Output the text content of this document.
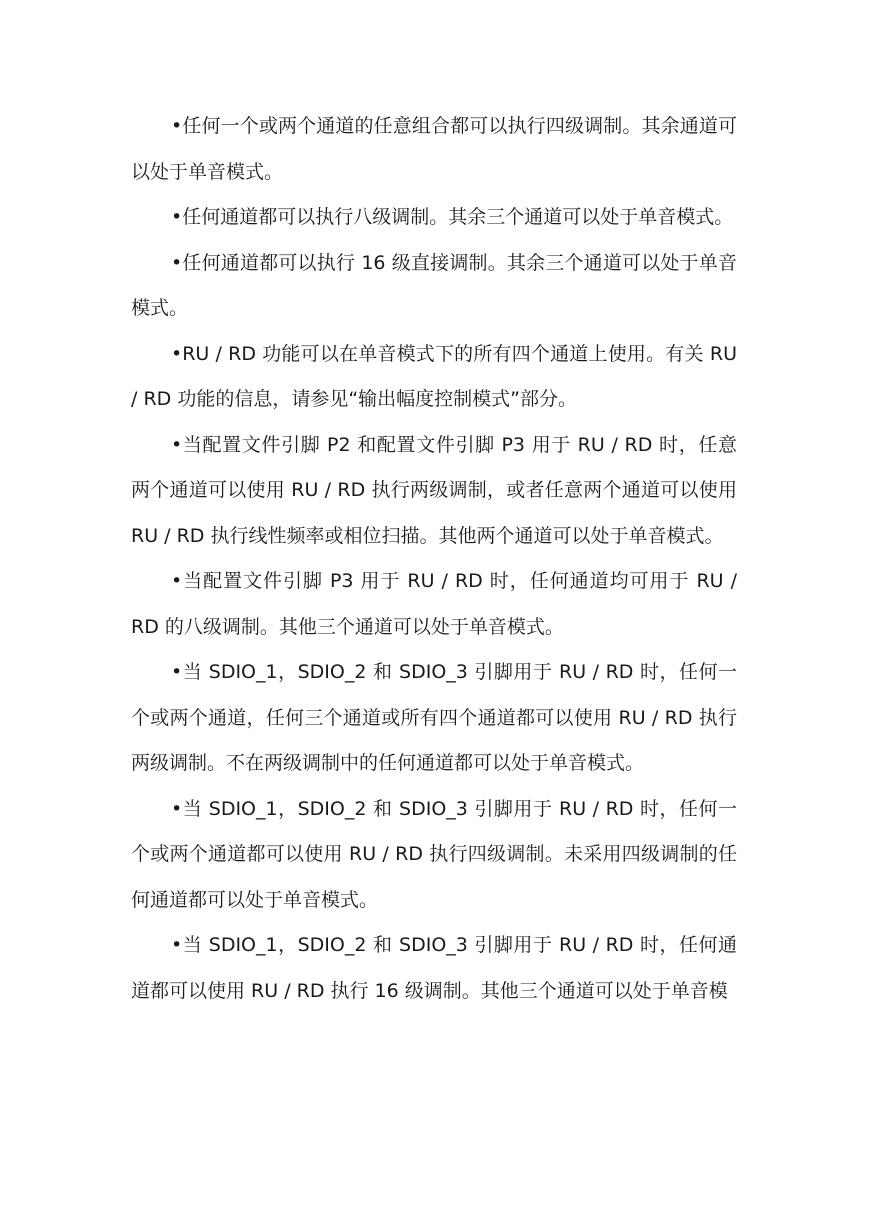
•任何一个或两个通道的任意组合都可以执行四级调制。其余通道可以处于单音模式。

•任何通道都可以执行八级调制。其余三个通道可以处于单音模式。

•任何通道都可以执行 16 级直接调制。其余三个通道可以处于单音模式。

•RU / RD 功能可以在单音模式下的所有四个通道上使用。有关 RU / RD 功能的信息，请参见“输出幅度控制模式”部分。

•当配置文件引脚 P2 和配置文件引脚 P3 用于 RU / RD 时，任意两个通道可以使用 RU / RD 执行两级调制，或者任意两个通道可以使用 RU / RD 执行线性频率或相位扫描。其他两个通道可以处于单音模式。

•当配置文件引脚 P3 用于 RU / RD 时，任何通道均可用于 RU / RD 的八级调制。其他三个通道可以处于单音模式。

•当 SDIO_1，SDIO_2 和 SDIO_3 引脚用于 RU / RD 时，任何一个或两个通道，任何三个通道或所有四个通道都可以使用 RU / RD 执行两级调制。不在两级调制中的任何通道都可以处于单音模式。

•当 SDIO_1，SDIO_2 和 SDIO_3 引脚用于 RU / RD 时，任何一个或两个通道都可以使用 RU / RD 执行四级调制。未采用四级调制的任何通道都可以处于单音模式。

•当 SDIO_1，SDIO_2 和 SDIO_3 引脚用于 RU / RD 时，任何通道都可以使用 RU / RD 执行 16 级调制。其他三个通道可以处于单音模
